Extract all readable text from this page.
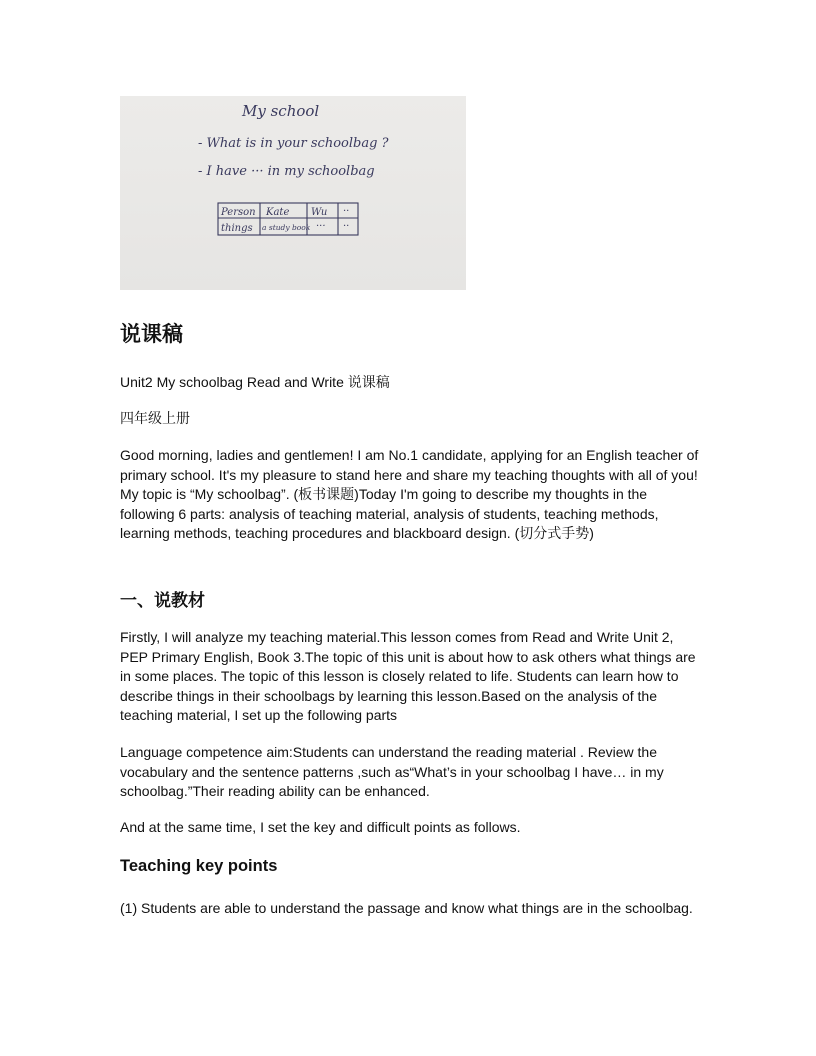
My school
- What is in your schoolbag ?
- I have ··· in my schoolbag
Person Kate Wu ··
things a study book ··· ··
说课稿

Unit2 My schoolbag Read and Write 说课稿

四年级上册

Good morning, ladies and gentlemen! I am No.1 candidate, applying for an English teacher of primary school. It's my pleasure to stand here and share my teaching thoughts with all of you! My topic is “My schoolbag”. (板书课题)Today I'm going to describe my thoughts in the following 6 parts: analysis of teaching material, analysis of students, teaching methods, learning methods, teaching procedures and blackboard design. (切分式手势)

一、说教材

Firstly, I will analyze my teaching material.This lesson comes from Read and Write Unit 2, PEP Primary English, Book 3.The topic of this unit is about how to ask others what things are in some places. The topic of this lesson is closely related to life. Students can learn how to describe things in their schoolbags by learning this lesson.Based on the analysis of the teaching material, I set up the following parts

Language competence aim:Students can understand the reading material . Review the vocabulary and the sentence patterns ,such as“What’s in your schoolbag I have… in my schoolbag.”Their reading ability can be enhanced.

And at the same time, I set the key and difficult points as follows.

Teaching key points

(1) Students are able to understand the passage and know what things are in the schoolbag.
